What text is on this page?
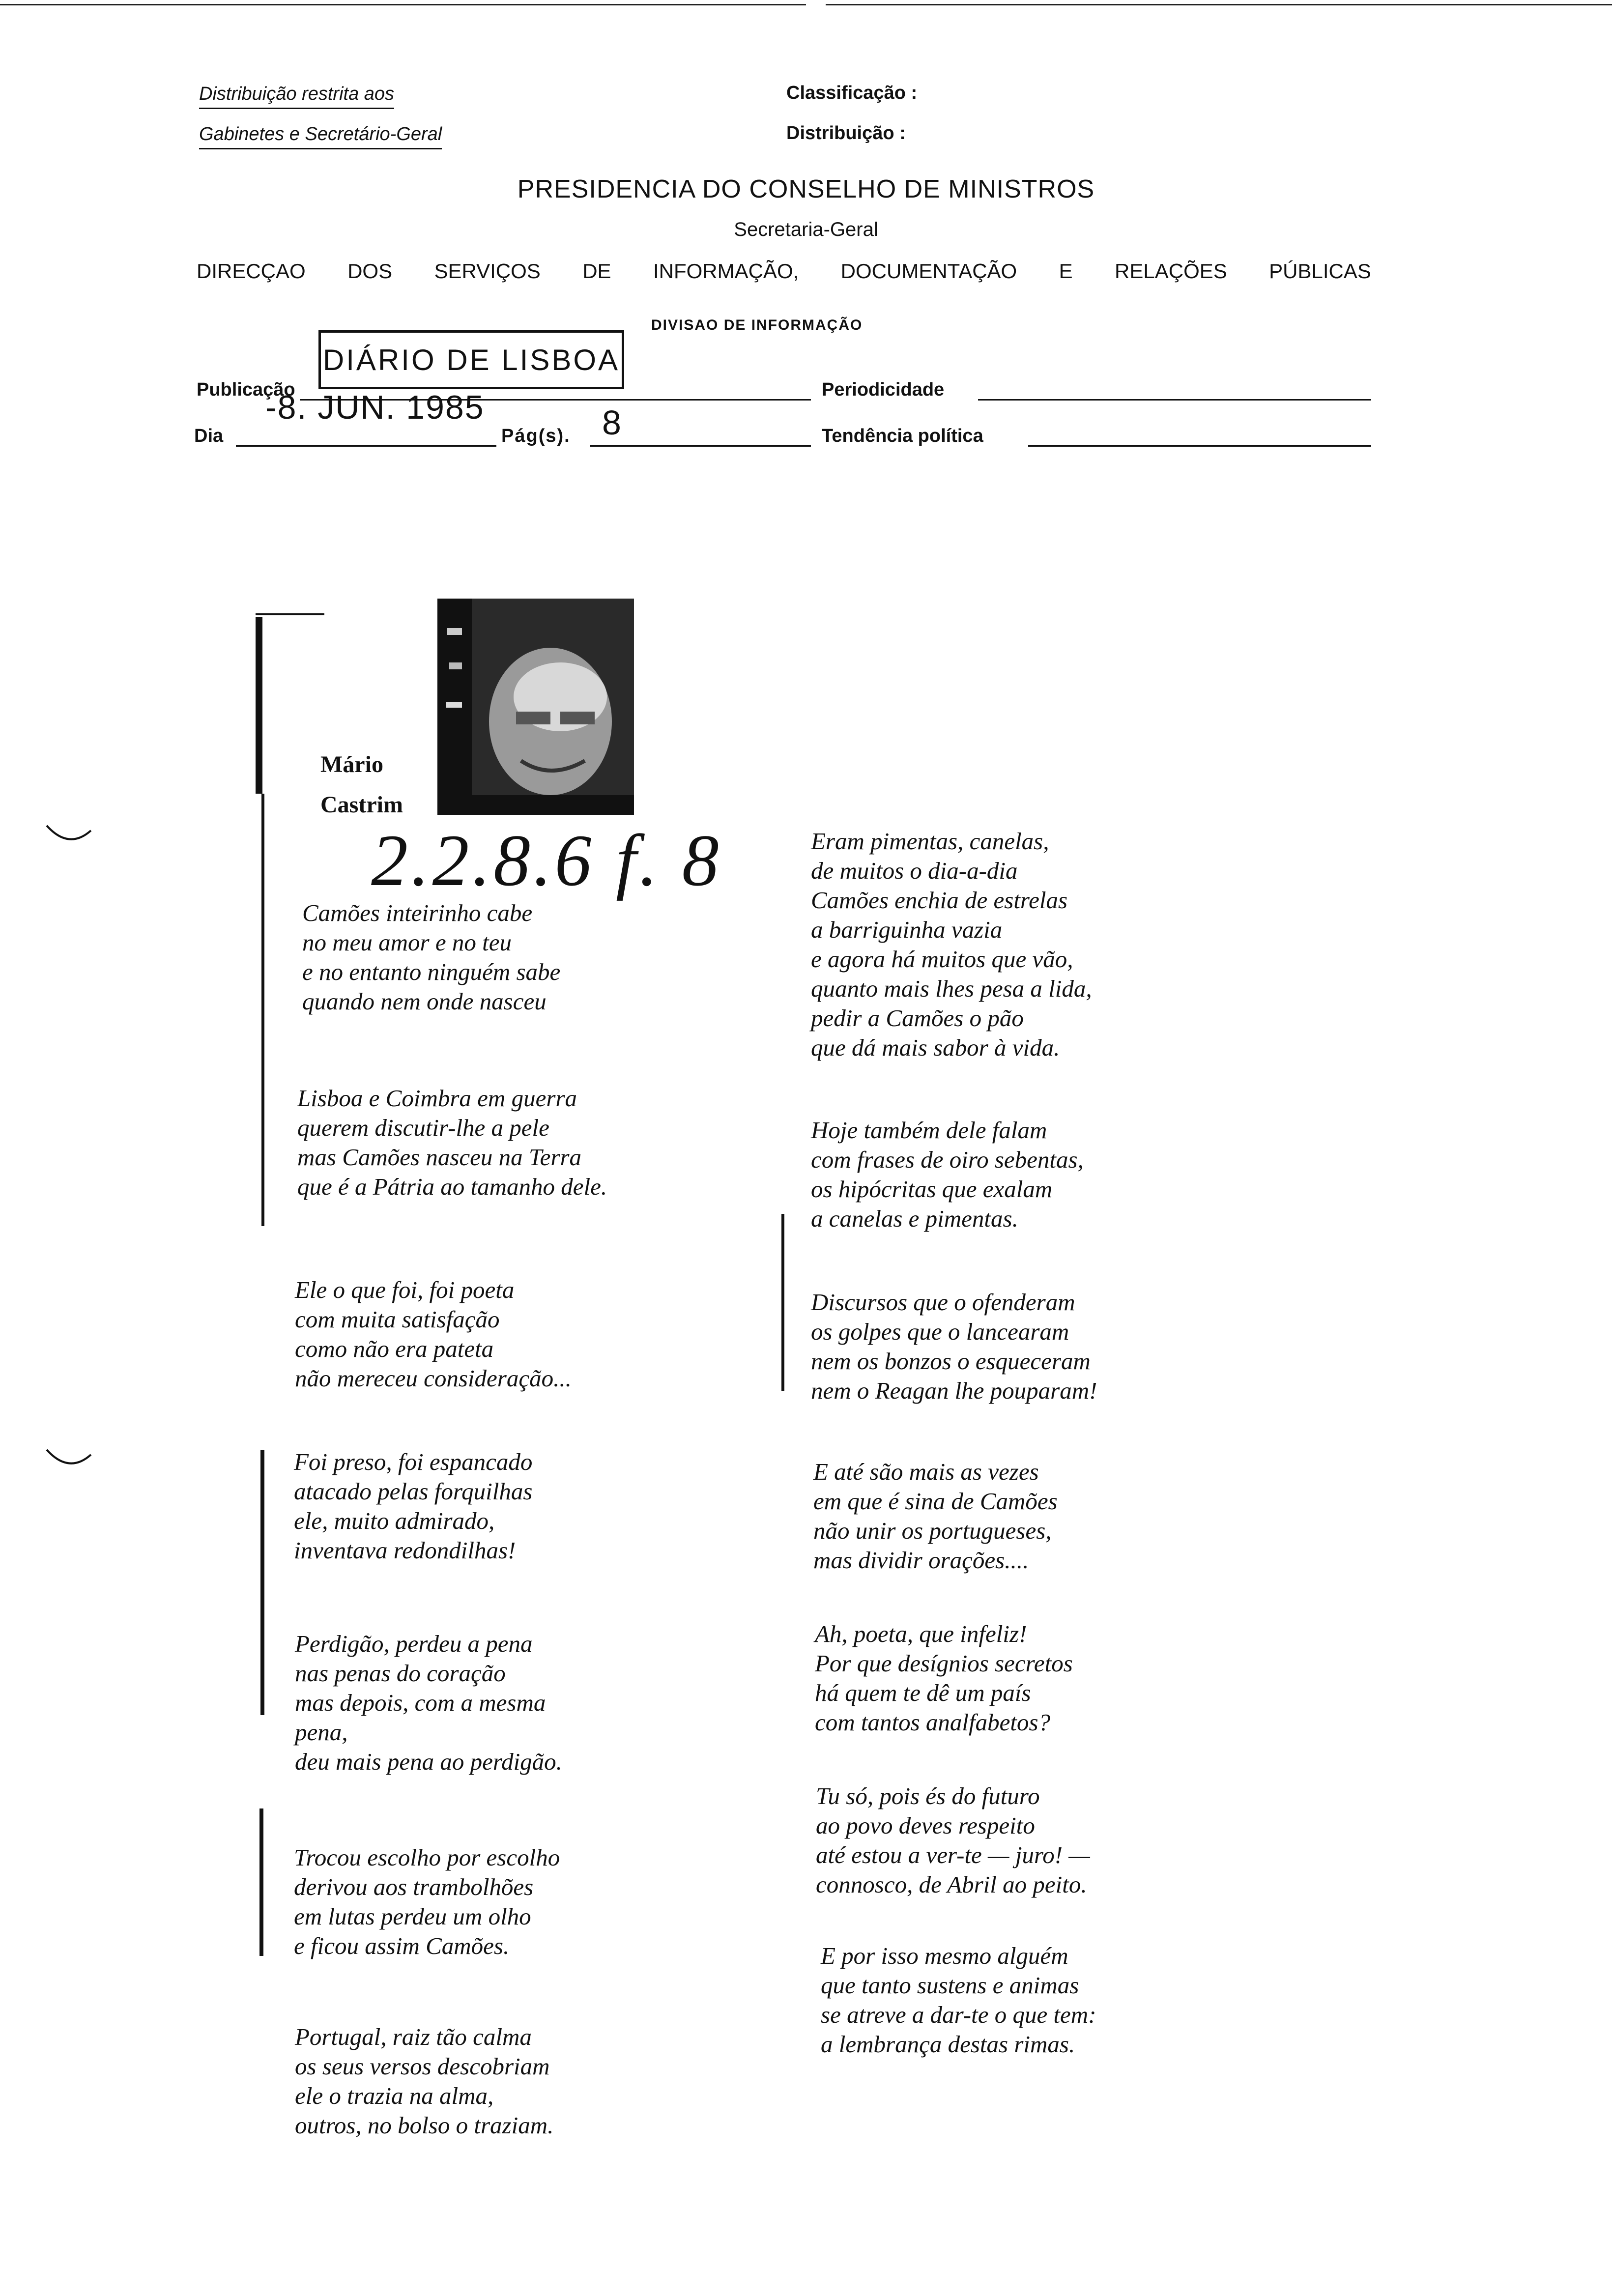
Distribuição restrita aos
Gabinetes e Secretário-Geral
Classificação :
Distribuição :
PRESIDENCIA DO CONSELHO DE MINISTROS
Secretaria-Geral
DIRECÇAO DOS SERVIÇOS DE INFORMAÇÃO, DOCUMENTAÇÃO E RELAÇÕES PÚBLICAS
DIVISAO DE INFORMAÇÃO
DIÁRIO DE LISBOA
Publicação	Periodicidade
-8. JUN. 1985
Dia	Pág(s). 8	Tendência política
Mário
Castrim
2.2.8.6 f. 8
Camões inteirinho cabe
no meu amor e no teu
e no entanto ninguém sabe
quando nem onde nasceu
Lisboa e Coimbra em guerra
querem discutir-lhe a pele
mas Camões nasceu na Terra
que é a Pátria ao tamanho dele.
Ele o que foi, foi poeta
com muita satisfação
como não era pateta
não mereceu consideração...
Foi preso, foi espancado
atacado pelas forquilhas
ele, muito admirado,
inventava redondilhas!
Perdigão, perdeu a pena
nas penas do coração
mas depois, com a mesma
pena,
deu mais pena ao perdigão.
Trocou escolho por escolho
derivou aos trambolhões
em lutas perdeu um olho
e ficou assim Camões.
Portugal, raiz tão calma
os seus versos descobriam
ele o trazia na alma,
outros, no bolso o traziam.
Eram pimentas, canelas,
de muitos o dia-a-dia
Camões enchia de estrelas
a barriguinha vazia
e agora há muitos que vão,
quanto mais lhes pesa a lida,
pedir a Camões o pão
que dá mais sabor à vida.
Hoje também dele falam
com frases de oiro sebentas,
os hipócritas que exalam
a canelas e pimentas.
Discursos que o ofenderam
os golpes que o lancearam
nem os bonzos o esqueceram
nem o Reagan lhe pouparam!
E até são mais as vezes
em que é sina de Camões
não unir os portugueses,
mas dividir orações....
Ah, poeta, que infeliz!
Por que desígnios secretos
há quem te dê um país
com tantos analfabetos?
Tu só, pois és do futuro
ao povo deves respeito
até estou a ver-te — juro! —
connosco, de Abril ao peito.
E por isso mesmo alguém
que tanto sustens e animas
se atreve a dar-te o que tem:
a lembrança destas rimas.
